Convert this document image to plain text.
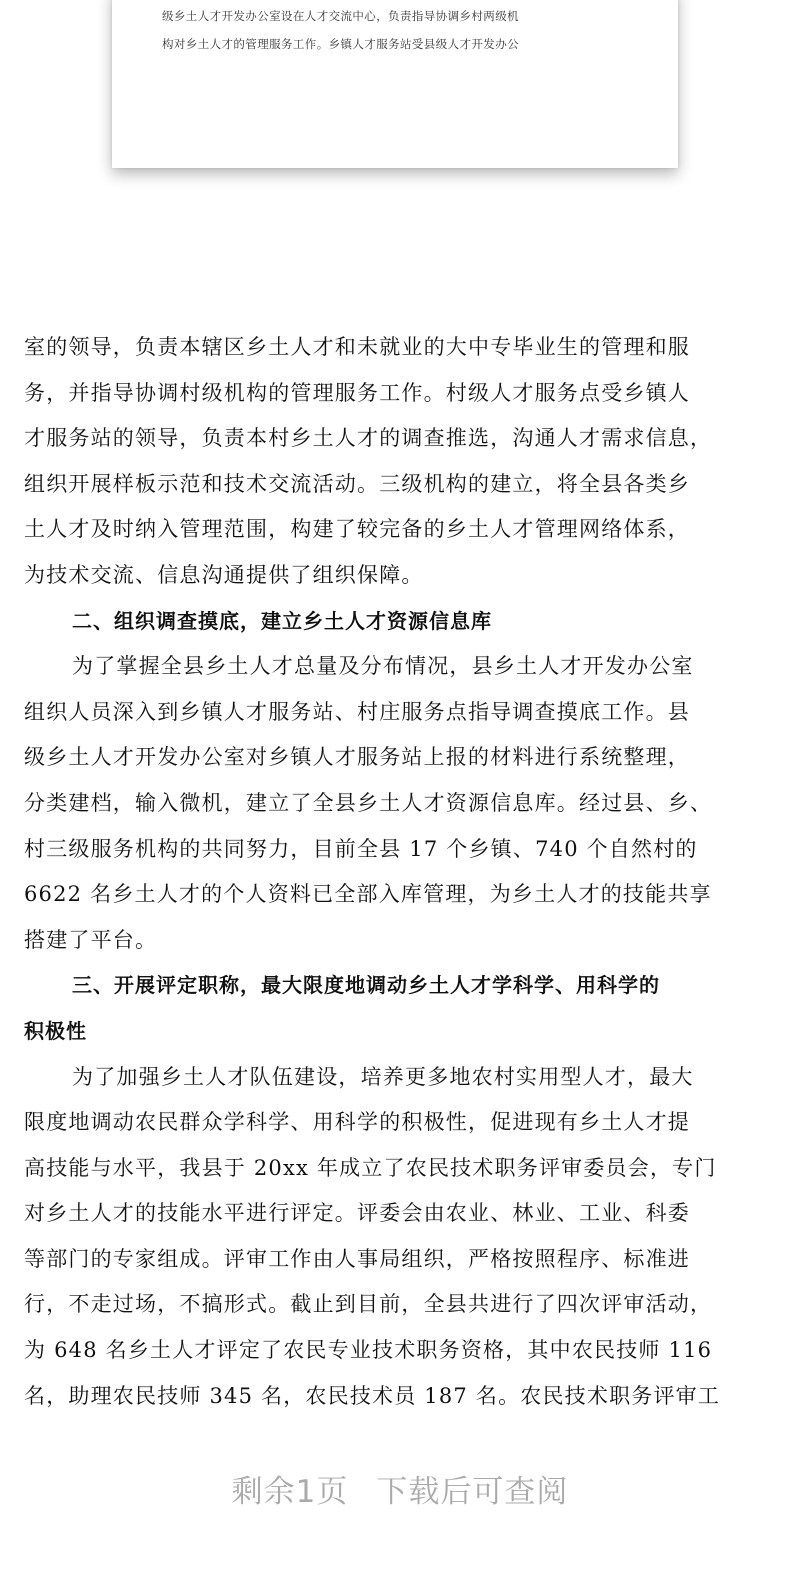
级乡土人才开发办公室设在人才交流中心，负责指导协调乡村两级机
构对乡土人才的管理服务工作。乡镇人才服务站受县级人才开发办公
室的领导，负责本辖区乡土人才和未就业的大中专毕业生的管理和服
务，并指导协调村级机构的管理服务工作。村级人才服务点受乡镇人
才服务站的领导，负责本村乡土人才的调查推选，沟通人才需求信息，
组织开展样板示范和技术交流活动。三级机构的建立，将全县各类乡
土人才及时纳入管理范围，构建了较完备的乡土人才管理网络体系，
为技术交流、信息沟通提供了组织保障。
二、组织调查摸底，建立乡土人才资源信息库
为了掌握全县乡土人才总量及分布情况，县乡土人才开发办公室
组织人员深入到乡镇人才服务站、村庄服务点指导调查摸底工作。县
级乡土人才开发办公室对乡镇人才服务站上报的材料进行系统整理，
分类建档，输入微机，建立了全县乡土人才资源信息库。经过县、乡、
村三级服务机构的共同努力，目前全县 17 个乡镇、740 个自然村的
6622 名乡土人才的个人资料已全部入库管理，为乡土人才的技能共享
搭建了平台。
三、开展评定职称，最大限度地调动乡土人才学科学、用科学的
积极性
为了加强乡土人才队伍建设，培养更多地农村实用型人才，最大
限度地调动农民群众学科学、用科学的积极性，促进现有乡土人才提
高技能与水平，我县于 20xx 年成立了农民技术职务评审委员会，专门
对乡土人才的技能水平进行评定。评委会由农业、林业、工业、科委
等部门的专家组成。评审工作由人事局组织，严格按照程序、标准进
行，不走过场，不搞形式。截止到目前，全县共进行了四次评审活动，
为 648 名乡土人才评定了农民专业技术职务资格，其中农民技师 116
名，助理农民技师 345 名，农民技术员 187 名。农民技术职务评审工
剩余1页 下载后可查阅
